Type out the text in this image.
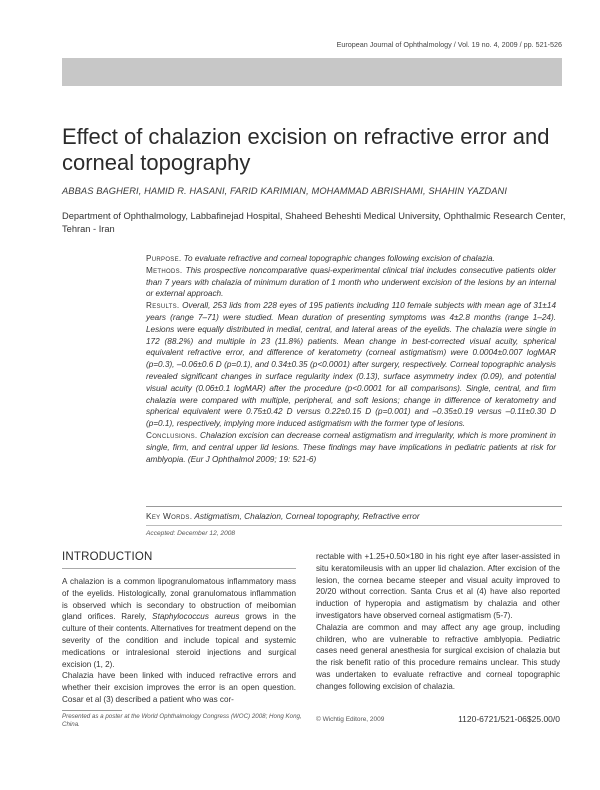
European Journal of Ophthalmology / Vol. 19 no. 4, 2009 / pp. 521-526
Effect of chalazion excision on refractive error and corneal topography
ABBAS BAGHERI, HAMID R. HASANI, FARID KARIMIAN, MOHAMMAD ABRISHAMI, SHAHIN YAZDANI
Department of Ophthalmology, Labbafinejad Hospital, Shaheed Beheshti Medical University, Ophthalmic Research Center, Tehran - Iran

Purpose. To evaluate refractive and corneal topographic changes following excision of chalazia.

Methods. This prospective noncomparative quasi-experimental clinical trial includes consecutive patients older than 7 years with chalazia of minimum duration of 1 month who underwent excision of the lesions by an internal or external approach.

Results. Overall, 253 lids from 228 eyes of 195 patients including 110 female subjects with mean age of 31±14 years (range 7–71) were studied. Mean duration of presenting symptoms was 4±2.8 months (range 1–24). Lesions were equally distributed in medial, central, and lateral areas of the eyelids. The chalazia were single in 172 (88.2%) and multiple in 23 (11.8%) patients. Mean change in best-corrected visual acuity, spherical equivalent refractive error, and difference of keratometry (corneal astigmatism) were 0.0004±0.007 logMAR (p=0.3), –0.06±0.6 D (p=0.1), and 0.34±0.35 (p<0.0001) after surgery, respectively. Corneal topographic analysis revealed significant changes in surface regularity index (0.13), surface asymmetry index (0.09), and potential visual acuity (0.06±0.1 logMAR) after the procedure (p<0.0001 for all comparisons). Single, central, and firm chalazia were compared with multiple, peripheral, and soft lesions; change in difference of keratometry and spherical equivalent were 0.75±0.42 D versus 0.22±0.15 D (p=0.001) and –0.35±0.19 versus –0.11±0.30 D (p=0.1), respectively, implying more induced astigmatism with the former type of lesions.

Conclusions. Chalazion excision can decrease corneal astigmatism and irregularity, which is more prominent in single, firm, and central upper lid lesions. These findings may have implications in pediatric patients at risk for amblyopia. (Eur J Ophthalmol 2009; 19: 521-6)

Key Words. Astigmatism, Chalazion, Corneal topography, Refractive error
Accepted: December 12, 2008
INTRODUCTION

A chalazion is a common lipogranulomatous inflammatory mass of the eyelids. Histologically, zonal granulomatous inflammation is observed which is secondary to obstruction of meibomian gland orifices. Rarely, Staphylococcus aureus grows in the culture of their contents. Alternatives for treatment depend on the severity of the condition and include topical and systemic medications or intralesional steroid injections and surgical excision (1, 2).

Chalazia have been linked with induced refractive errors and whether their excision improves the error is an open question. Cosar et al (3) described a patient who was cor-

rectable with +1.25+0.50×180 in his right eye after laser-assisted in situ keratomileusis with an upper lid chalazion. After excision of the lesion, the cornea became steeper and visual acuity improved to 20/20 without correction. Santa Crus et al (4) have also reported induction of hyperopia and astigmatism by chalazia and other investigators have observed corneal astigmatism (5-7).

Chalazia are common and may affect any age group, including children, who are vulnerable to refractive amblyopia. Pediatric cases need general anesthesia for surgical excision of chalazia but the risk benefit ratio of this procedure remains unclear. This study was undertaken to evaluate refractive and corneal topographic changes following excision of chalazia.

Presented as a poster at the World Ophthalmology Congress (WOC) 2008; Hong Kong, China.
© Wichtig Editore, 2009	1120-6721/521-06$25.00/0
